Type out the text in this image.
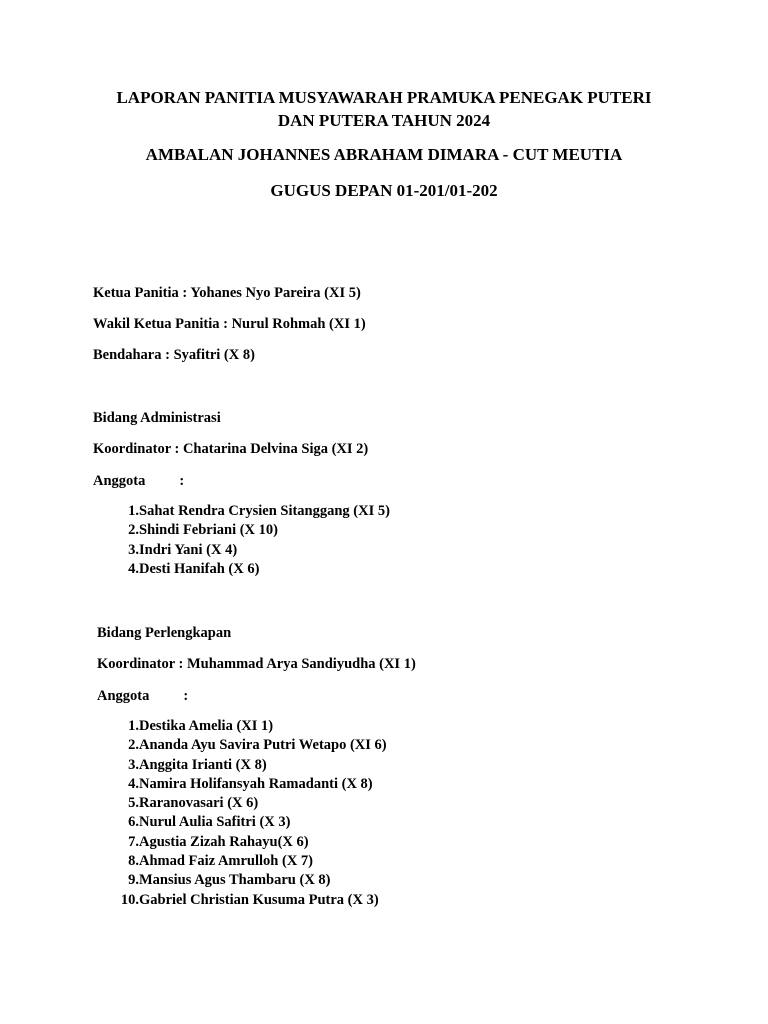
LAPORAN PANITIA MUSYAWARAH PRAMUKA PENEGAK PUTERI
DAN PUTERA TAHUN 2024
AMBALAN JOHANNES ABRAHAM DIMARA - CUT MEUTIA
GUGUS DEPAN 01-201/01-202
Ketua Panitia : Yohanes Nyo Pareira (XI 5)
Wakil Ketua Panitia : Nurul Rohmah (XI 1)
Bendahara : Syafitri (X 8)
Bidang Administrasi
Koordinator : Chatarina Delvina Siga (XI 2)
Anggota :
1. Sahat Rendra Crysien Sitanggang (XI 5)
2. Shindi Febriani (X 10)
3. Indri Yani (X 4)
4. Desti Hanifah (X 6)
Bidang Perlengkapan
Koordinator : Muhammad Arya Sandiyudha (XI 1)
Anggota :
1. Destika Amelia (XI 1)
2. Ananda Ayu Savira Putri Wetapo (XI 6)
3. Anggita Irianti (X 8)
4. Namira Holifansyah Ramadanti (X 8)
5. Raranovasari (X 6)
6. Nurul Aulia Safitri (X 3)
7. Agustia Zizah Rahayu(X 6)
8. Ahmad Faiz Amrulloh (X 7)
9. Mansius Agus Thambaru (X 8)
10. Gabriel Christian Kusuma Putra (X 3)
